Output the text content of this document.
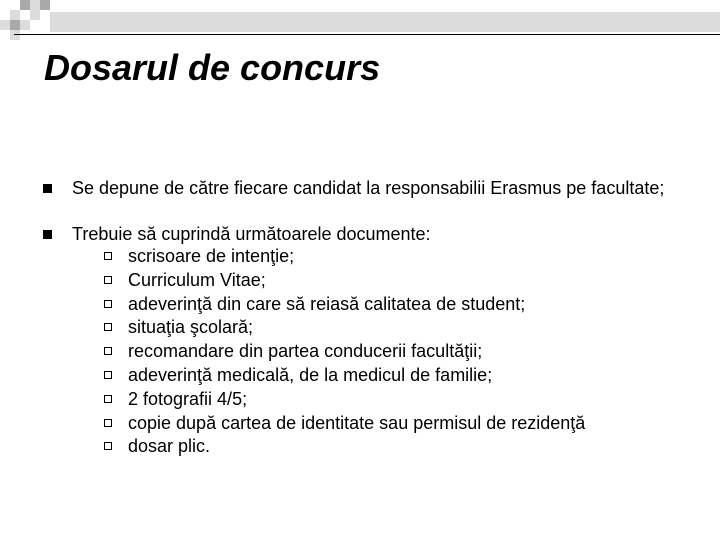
Dosarul de concurs
Se depune de către fiecare candidat la responsabilii Erasmus pe facultate;
Trebuie să cuprindă următoarele documente:
scrisoare de intenţie;
Curriculum Vitae;
adeverinţă din care să reiasă calitatea de student;
situaţia şcolară;
recomandare din partea conducerii facultăţii;
adeverinţă medicală, de la medicul de familie;
2 fotografii 4/5;
copie după cartea de identitate sau permisul de rezidenţă
dosar plic.
